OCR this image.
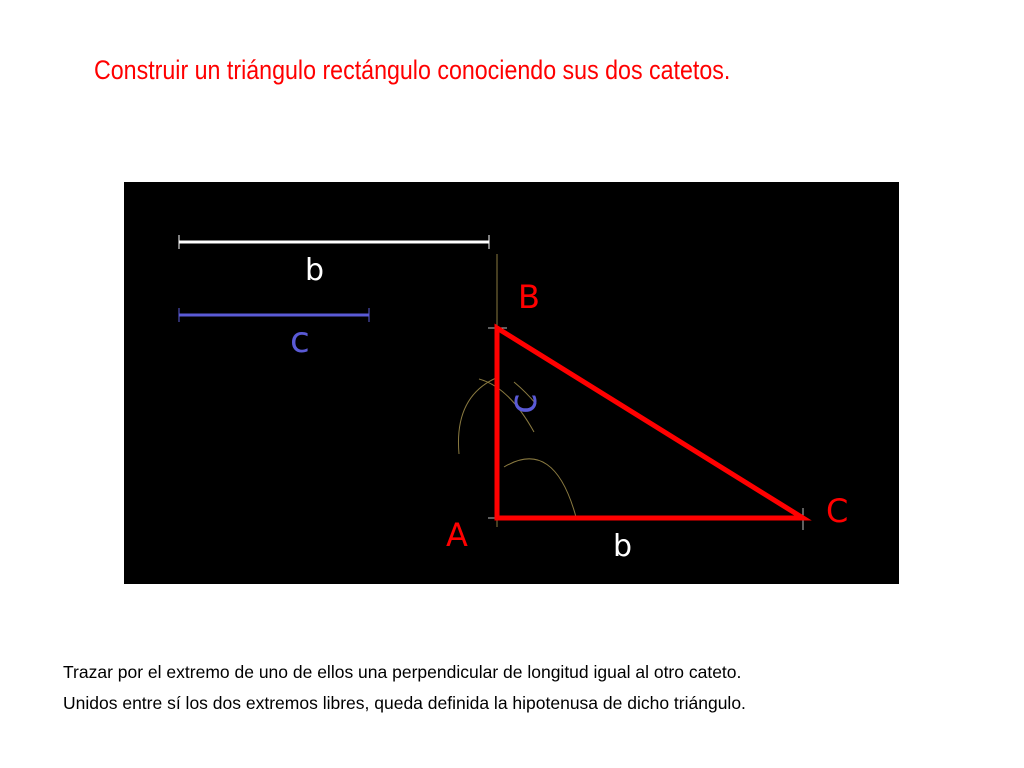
Construir un triángulo rectángulo conociendo sus dos catetos.
b
c
B
A
C
b
c

Trazar por el extremo de uno de ellos una perpendicular de longitud igual al otro cateto.

Unidos entre sí los dos extremos libres, queda definida la hipotenusa de dicho triángulo.
